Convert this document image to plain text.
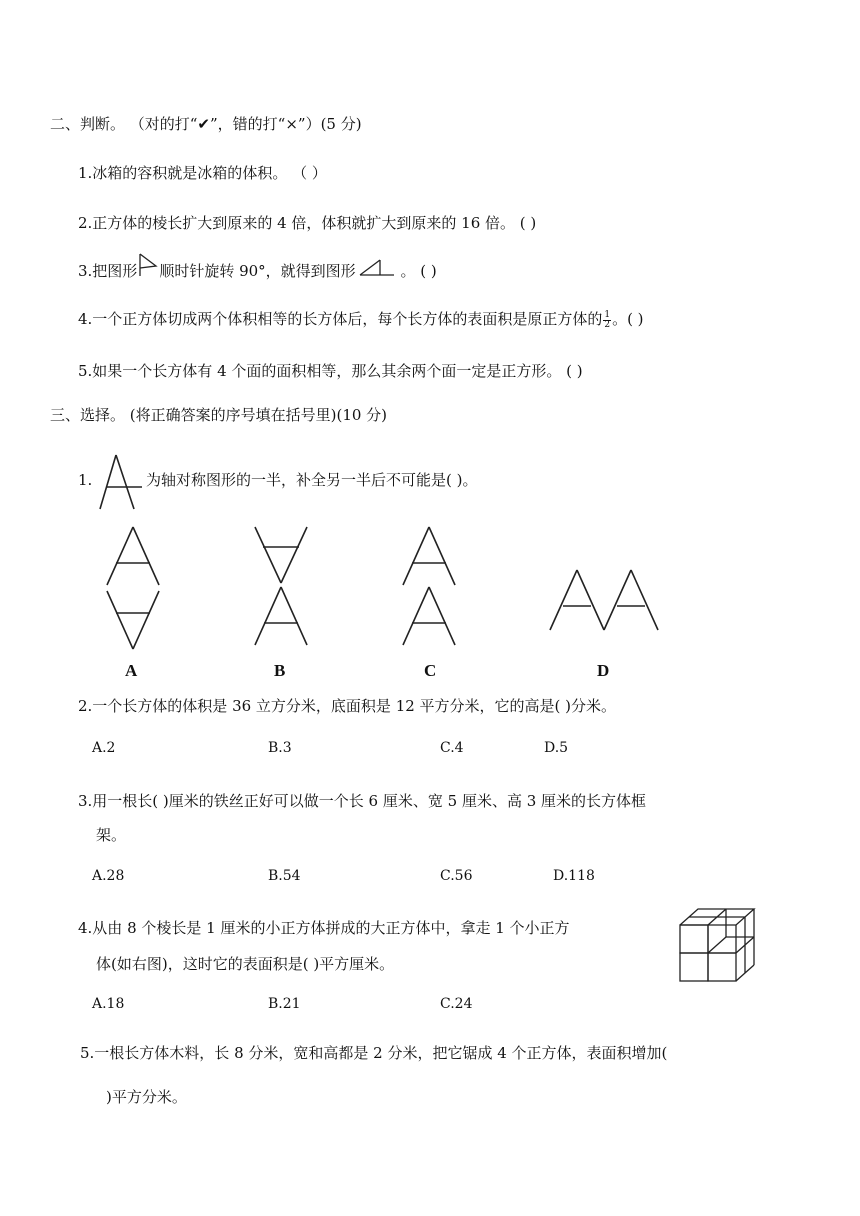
二、判断。 （对的打“✔”，错的打“×”）(5 分)
1.冰箱的容积就是冰箱的体积。 （ ）
2.正方体的棱长扩大到原来的 4 倍，体积就扩大到原来的 16 倍。 ( )
3.把图形 顺时针旋转 90°，就得到图形	。 ( )
4.一个正方体切成两个体积相等的长方体后，每个长方体的表面积是原正方体的 $\frac{1}{2}$ 。( )
5.如果一个长方体有 4 个面的面积相等，那么其余两个面一定是正方形。 ( )
三、选择。 (将正确答案的序号填在括号里)(10 分)
1.	为轴对称图形的一半，补全另一半后不可能是( )。
A	B	C	D
2.一个长方体的体积是 36 立方分米，底面积是 12 平方分米，它的高是( )分米。
A.2	B.3	C.4	D.5
3.用一根长( )厘米的铁丝正好可以做一个长 6 厘米、宽 5 厘米、高 3 厘米的长方体框
架。
A.28	B.54	C.56	D.118
4.从由 8 个棱长是 1 厘米的小正方体拼成的大正方体中，拿走 1 个小正方
体(如右图)，这时它的表面积是( )平方厘米。
A.18	B.21	C.24
5.一根长方体木料，长 8 分米，宽和高都是 2 分米，把它锯成 4 个正方体，表面积增加(
)平方分米。
